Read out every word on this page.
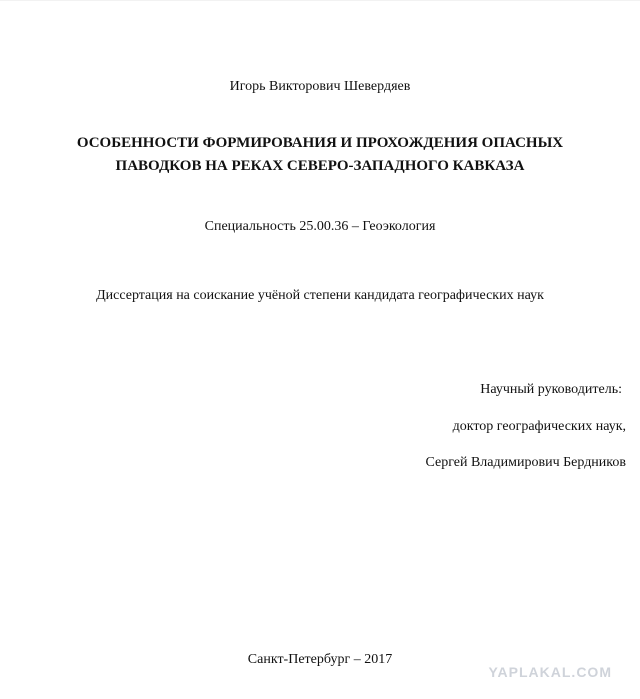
Игорь Викторович Шевердяев
ОСОБЕННОСТИ ФОРМИРОВАНИЯ И ПРОХОЖДЕНИЯ ОПАСНЫХ
ПАВОДКОВ НА РЕКАХ СЕВЕРО-ЗАПАДНОГО КАВКАЗА
Специальность 25.00.36 – Геоэкология
Диссертация на соискание учёной степени кандидата географических наук
Научный руководитель:
доктор географических наук,
Сергей Владимирович Бердников
Санкт-Петербург – 2017
YAPLAKAL.COM
